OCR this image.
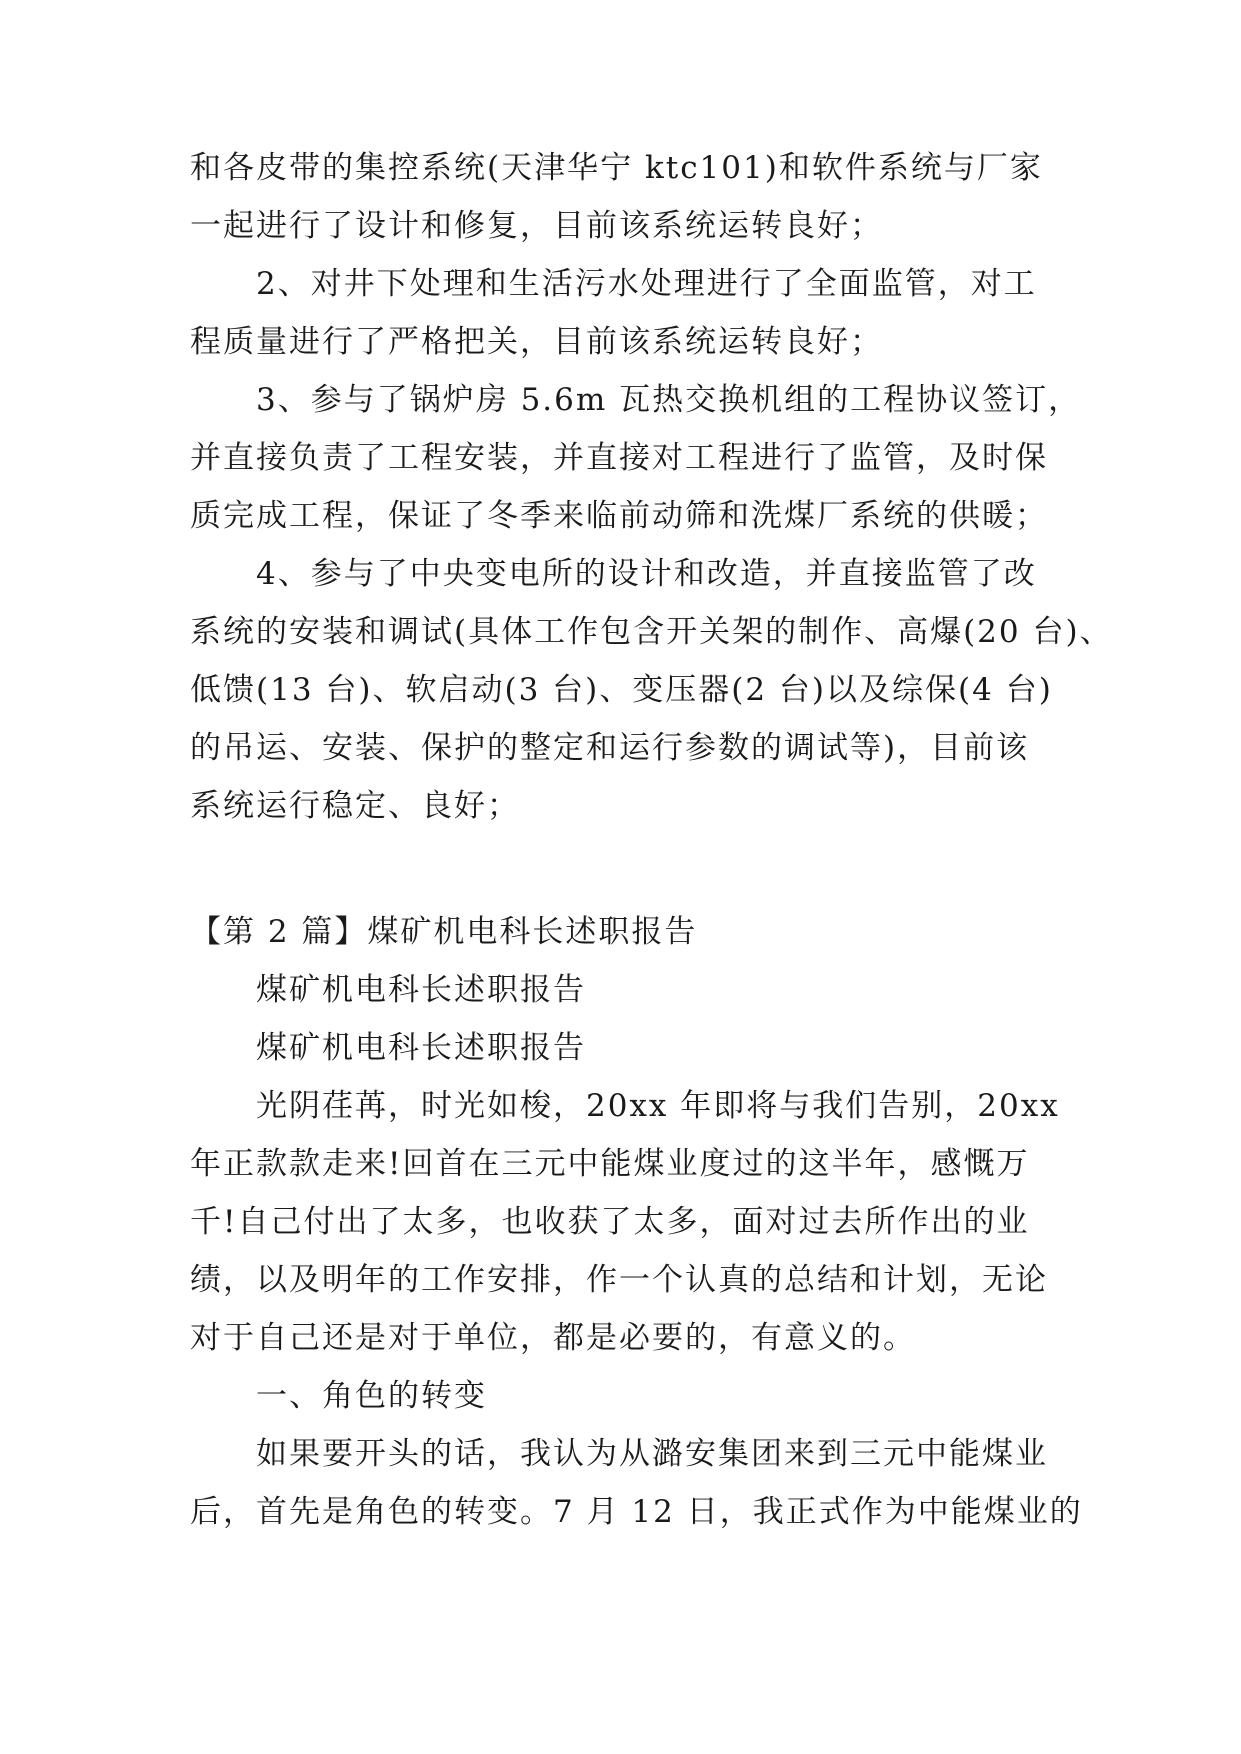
和各皮带的集控系统(天津华宁 ktc101)和软件系统与厂家
一起进行了设计和修复，目前该系统运转良好；
2、对井下处理和生活污水处理进行了全面监管，对工
程质量进行了严格把关，目前该系统运转良好；
3、参与了锅炉房 5.6m 瓦热交换机组的工程协议签订，
并直接负责了工程安装，并直接对工程进行了监管，及时保
质完成工程，保证了冬季来临前动筛和洗煤厂系统的供暖；
4、参与了中央变电所的设计和改造，并直接监管了改
系统的安装和调试(具体工作包含开关架的制作、高爆(20 台)、
低馈(13 台)、软启动(3 台)、变压器(2 台)以及综保(4 台)
的吊运、安装、保护的整定和运行参数的调试等)，目前该
系统运行稳定、良好；
【第 2 篇】煤矿机电科长述职报告
煤矿机电科长述职报告
煤矿机电科长述职报告
光阴荏苒，时光如梭，20xx 年即将与我们告别，20xx
年正款款走来!回首在三元中能煤业度过的这半年，感慨万
千!自己付出了太多，也收获了太多，面对过去所作出的业
绩，以及明年的工作安排，作一个认真的总结和计划，无论
对于自己还是对于单位，都是必要的，有意义的。
一、角色的转变
如果要开头的话，我认为从潞安集团来到三元中能煤业
后，首先是角色的转变。7 月 12 日，我正式作为中能煤业的
